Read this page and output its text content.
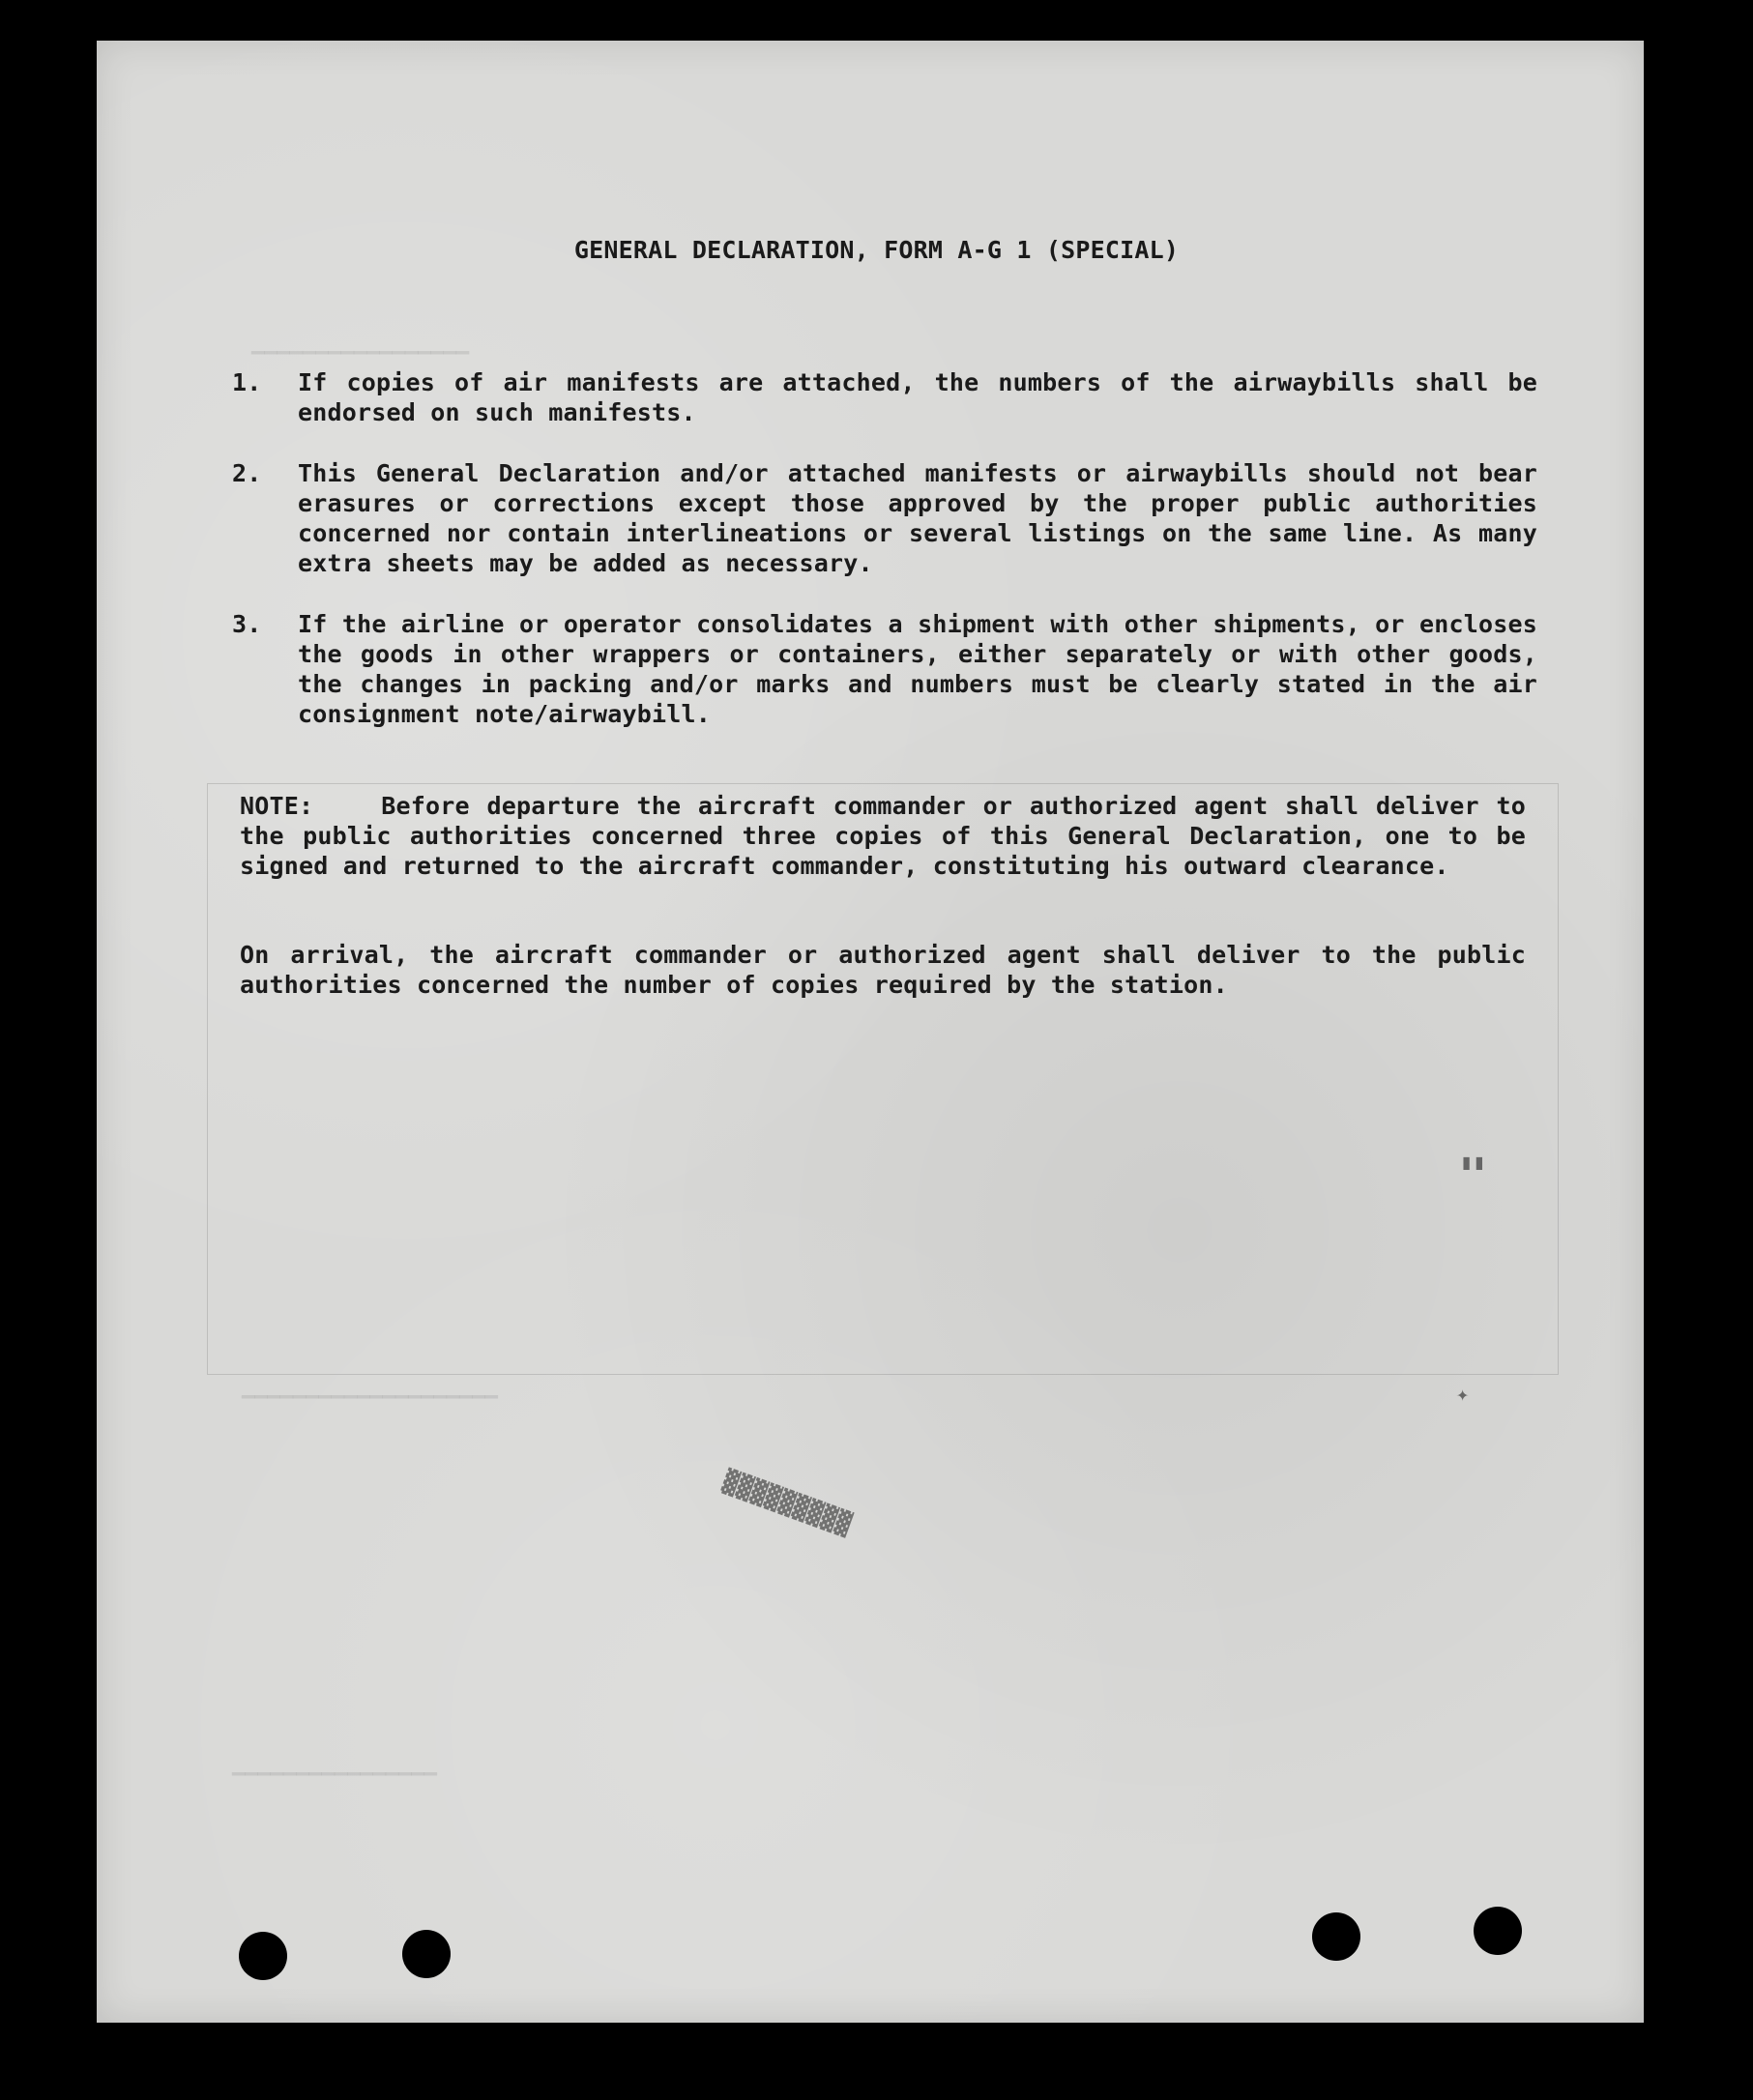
▁▁▁▁▁▁▁▁▁▁▁▁▁▁▁▁▁
▁▁▁▁▁▁▁▁▁▁▁▁▁▁▁▁▁▁▁▁
▁▁▁▁▁▁▁▁▁▁▁▁▁▁▁▁
GENERAL DECLARATION, FORM A-G 1 (SPECIAL)
1.	If copies of air manifests are attached, the numbers of the airwaybills shall be endorsed on such manifests.
2.	This General Declaration and/or attached manifests or airwaybills should not bear erasures or corrections except those approved by the proper public authorities concerned nor contain interlineations or several listings on the same line. As many extra sheets may be added as necessary.
3.	If the airline or operator consolidates a shipment with other shipments, or encloses the goods in other wrappers or containers, either separately or with other goods, the changes in packing and/or marks and numbers must be clearly stated in the air consignment note/airwaybill.
NOTE:	Before departure the aircraft commander or authorized agent shall deliver to the public authorities concerned three copies of this General Declaration, one to be signed and returned to the aircraft commander, constituting his outward clearance.
On arrival, the aircraft commander or authorized agent shall deliver to the public authorities concerned the number of copies required by the station.
▓▓▓▓▓▓▓▓▓
▮▮
✦
